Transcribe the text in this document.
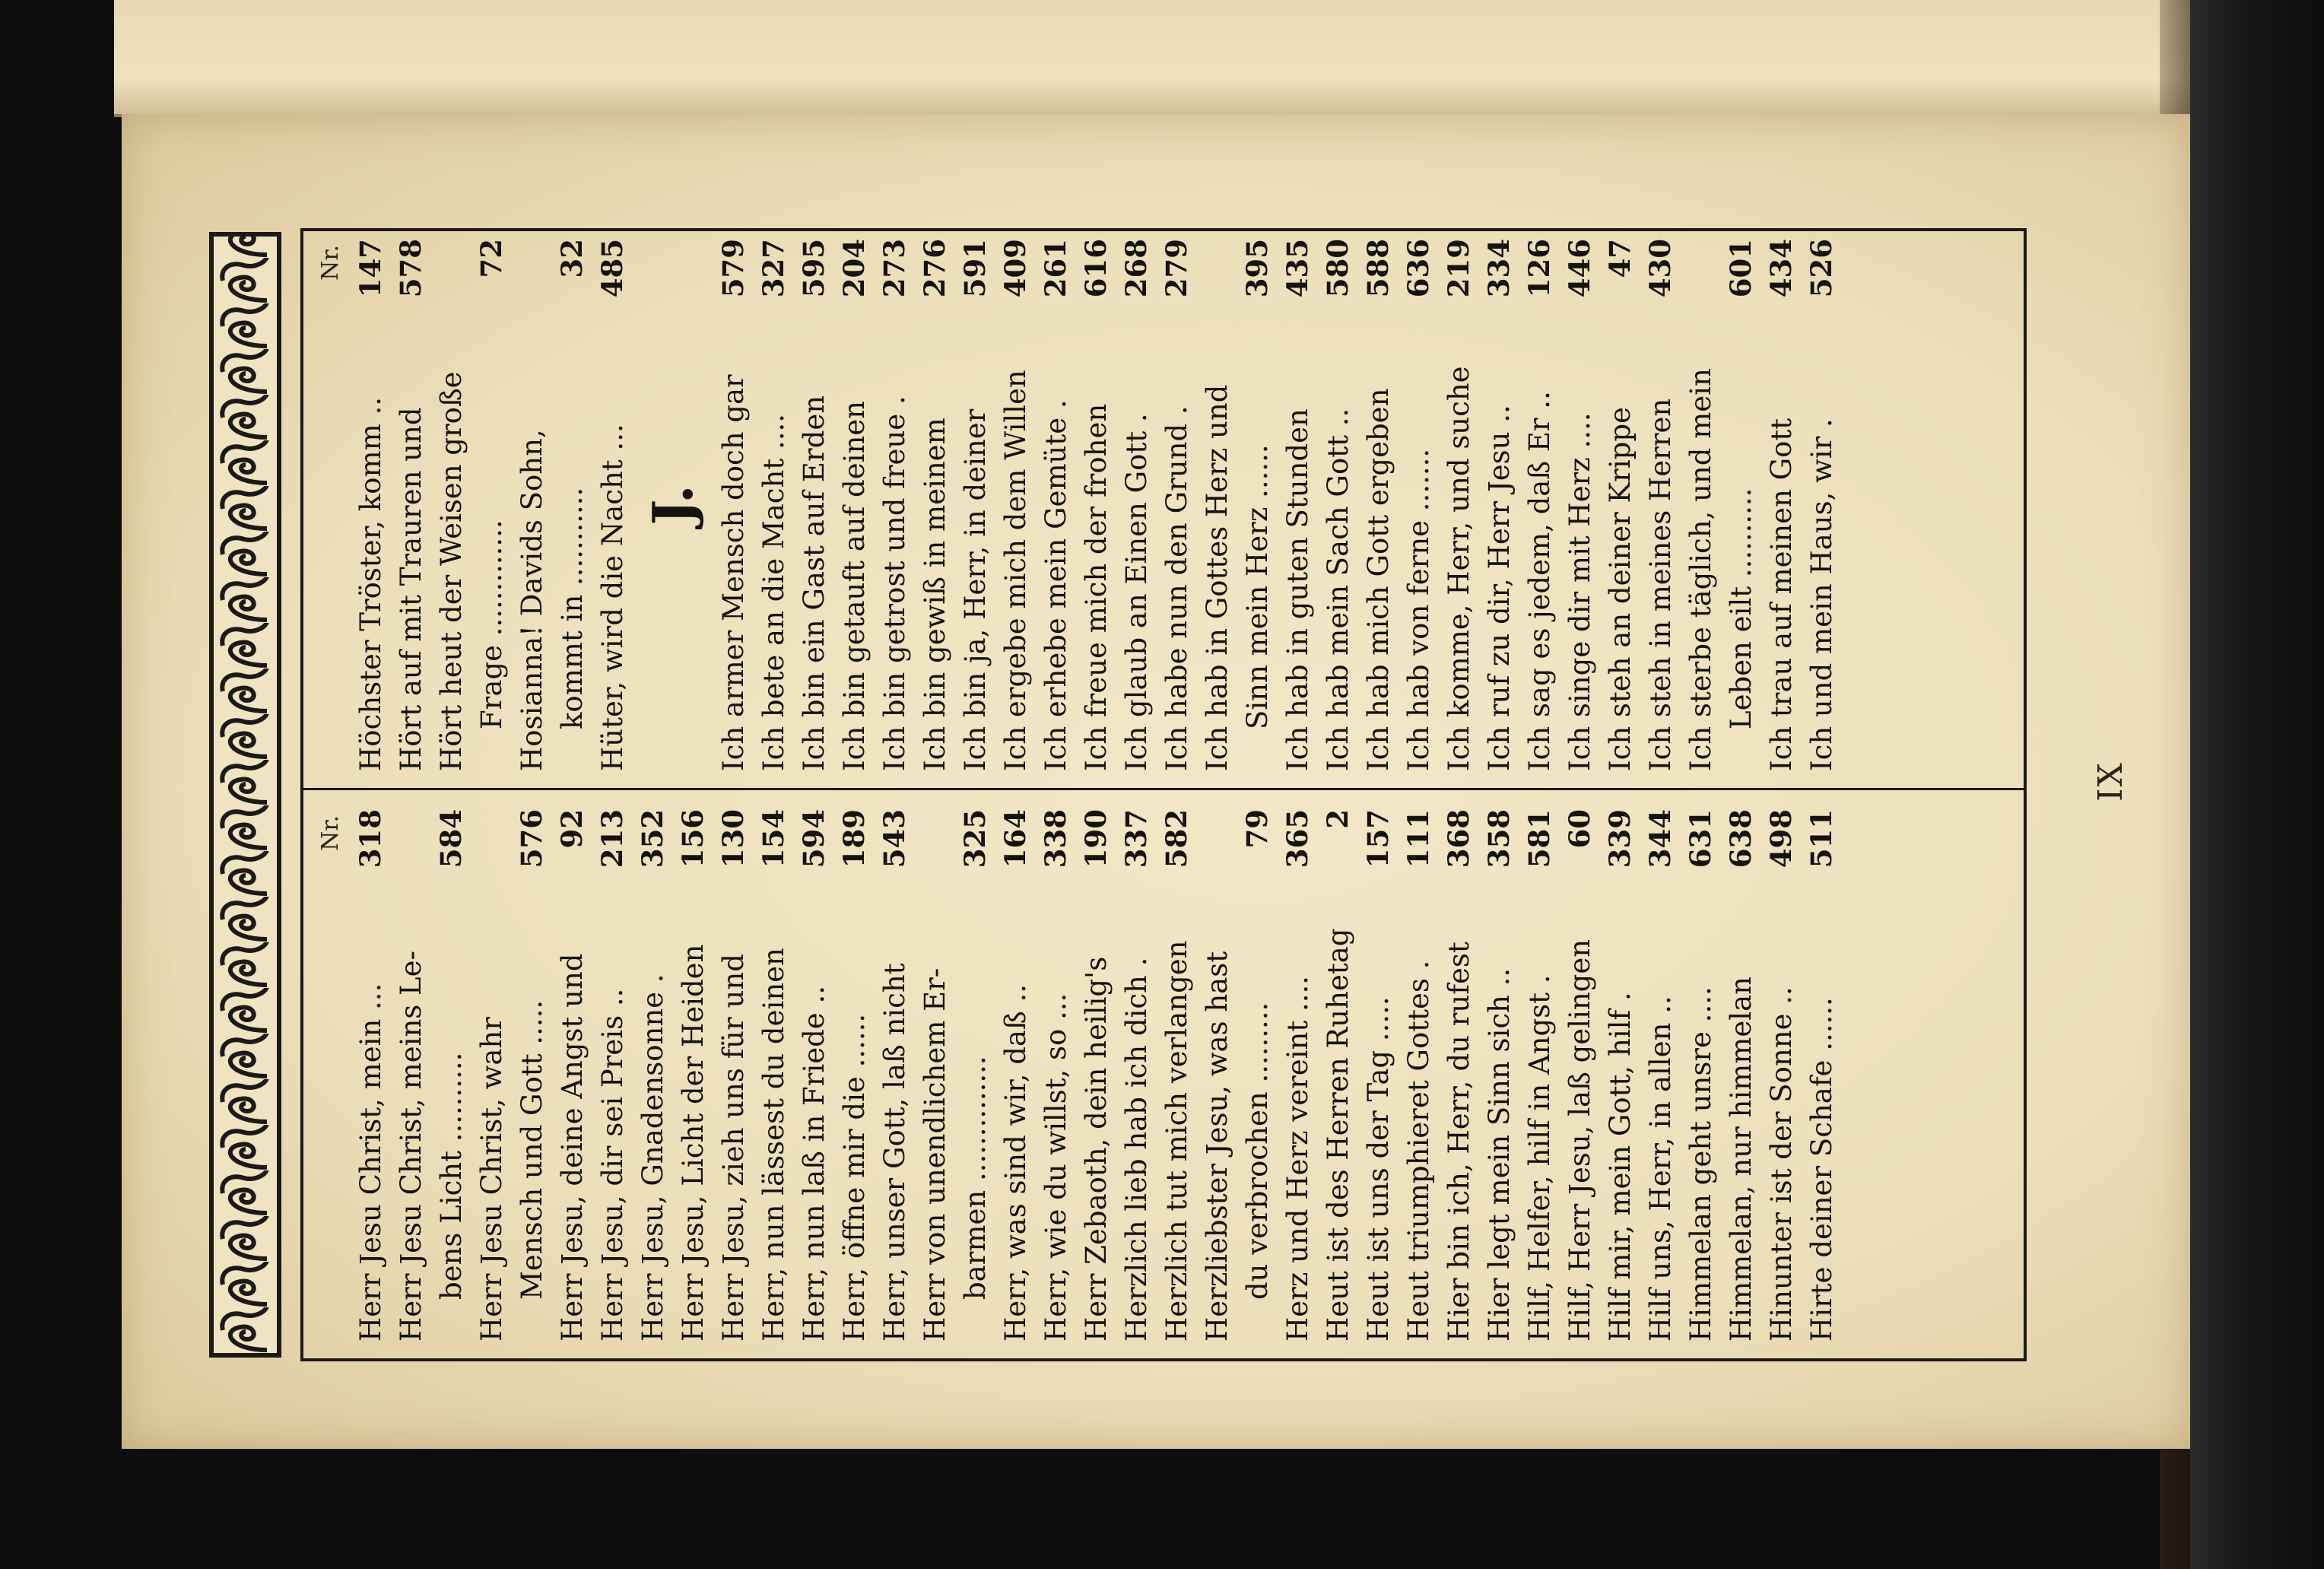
Nr.
Herr Jesu Christ, mein ...
318
Herr Jesu Christ, meins Le- bens Licht ..........
584
Herr Jesu Christ, wahr Mensch und Gott .....
576
Herr Jesu, deine Angst und
92
Herr Jesu, dir sei Preis ..
213
Herr Jesu, Gnadensonne .
352
Herr Jesu, Licht der Heiden
156
Herr Jesu, zieh uns für und
130
Herr, nun lässest du deinen
154
Herr, nun laß in Friede ..
594
Herr, öffne mir die ......
189
Herr, unser Gott, laß nicht
543
Herr von unendlichem Er- barmen ..............
325
Herr, was sind wir, daß ..
164
Herr, wie du willst, so ...
338
Herr Zebaoth, dein heilig's
190
Herzlich lieb hab ich dich .
337
Herzlich tut mich verlangen
582
Herzliebster Jesu, was hast du verbrochen .........
79
Herz und Herz vereint ....
365
Heut ist des Herren Ruhetag
2
Heut ist uns der Tag .....
157
Heut triumphieret Gottes .
111
Hier bin ich, Herr, du rufest
368
Hier legt mein Sinn sich ..
358
Hilf, Helfer, hilf in Angst .
581
Hilf, Herr Jesu, laß gelingen
60
Hilf mir, mein Gott, hilf .
339
Hilf uns, Herr, in allen ..
344
Himmelan geht unsre ....
631
Himmelan, nur himmelan
638
Hinunter ist der Sonne ..
498
Hirte deiner Schafe ......
511
Nr.
Höchster Tröster, komm ..
147
Hört auf mit Trauren und
578
Hört heut der Weisen große Frage .............
72
Hosianna! Davids Sohn, kommt in ...........
32
Hüter, wird die Nacht ...
485
J. Ich armer Mensch doch gar
579
Ich bete an die Macht ....
327
Ich bin ein Gast auf Erden
595
Ich bin getauft auf deinen
204
Ich bin getrost und freue .
273
Ich bin gewiß in meinem
276
Ich bin ja, Herr, in deiner
591
Ich ergebe mich dem Willen
409
Ich erhebe mein Gemüte .
261
Ich freue mich der frohen
616
Ich glaub an Einen Gott .
268
Ich habe nun den Grund .
279
Ich hab in Gottes Herz und Sinn mein Herz ......
395
Ich hab in guten Stunden
435
Ich hab mein Sach Gott ..
580
Ich hab mich Gott ergeben
588
Ich hab von ferne .......
636
Ich komme, Herr, und suche
219
Ich ruf zu dir, Herr Jesu ..
334
Ich sag es jedem, daß Er ..
126
Ich singe dir mit Herz ....
446
Ich steh an deiner Krippe
47
Ich steh in meines Herren
430
Ich sterbe täglich, und mein Leben eilt ..........
601
Ich trau auf meinen Gott
434
Ich und mein Haus, wir .
526
IX
